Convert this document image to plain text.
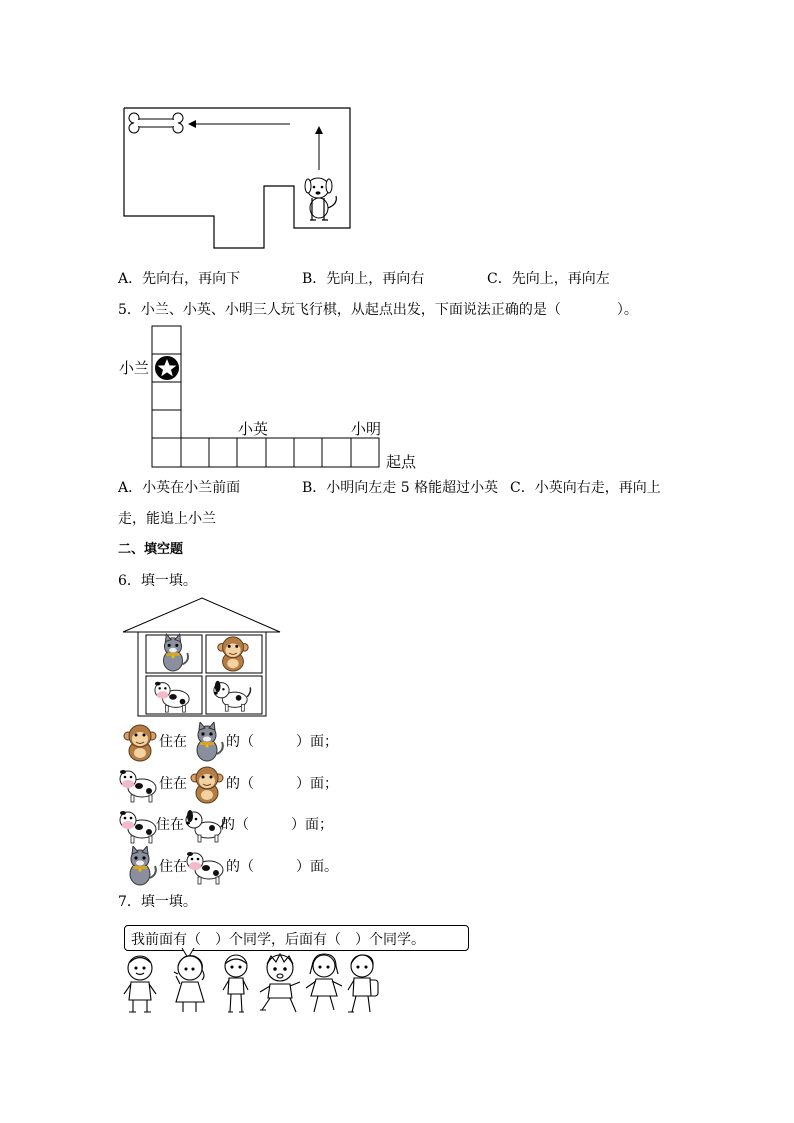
A．先向右，再向下	B．先向上，再向右	C．先向上，再向左
5．小兰、小英、小明三人玩飞行棋，从起点出发，下面说法正确的是（　　　　）。
小兰
小英	小明
起点
A．小英在小兰前面	B．小明向左走 5 格能超过小英 C．小英向右走，再向上
走，能追上小兰
二、填空题
6．填一填。
住在	的（　　　）面；
住在	的（　　　）面；
住在	的（　　　）面；
住在	的（　　　）面。
7．填一填。
我前面有（　）个同学，后面有（　）个同学。
